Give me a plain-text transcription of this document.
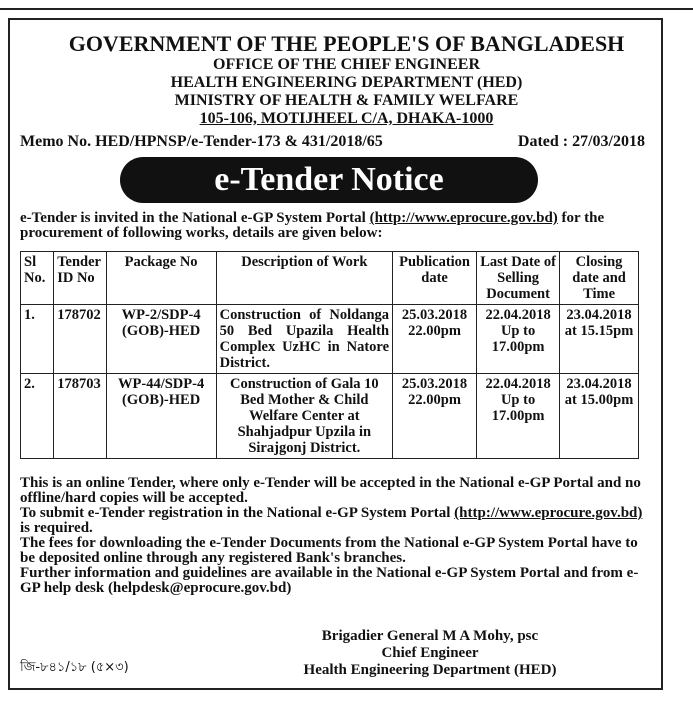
GOVERNMENT OF THE PEOPLE'S OF BANGLADESH
OFFICE OF THE CHIEF ENGINEER
HEALTH ENGINEERING DEPARTMENT (HED)
MINISTRY OF HEALTH & FAMILY WELFARE
105-106, MOTIJHEEL C/A, DHAKA-1000
Memo No. HED/HPNSP/e-Tender-173 & 431/2018/65	Dated : 27/03/2018
e-Tender Notice
e-Tender is invited in the National e-GP System Portal (http://www.eprocure.gov.bd) for the procurement of following works, details are given below:
Sl No.	Tender ID No	Package No	Description of Work	Publication date	Last Date of Selling Document	Closing date and Time
1.	178702	WP-2/SDP-4 (GOB)-HED	Construction of Noldanga 50 Bed Upazila Health Complex UzHC in Natore District.	25.03.2018 22.00pm	22.04.2018 Up to 17.00pm	23.04.2018 at 15.15pm
2.	178703	WP-44/SDP-4 (GOB)-HED	Construction of Gala 10 Bed Mother & Child Welfare Center at Shahjadpur Upzila in Sirajgonj District.	25.03.2018 22.00pm	22.04.2018 Up to 17.00pm	23.04.2018 at 15.00pm
This is an online Tender, where only e-Tender will be accepted in the National e-GP Portal and no offline/hard copies will be accepted.
To submit e-Tender registration in the National e-GP System Portal (http://www.eprocure.gov.bd) is required.
The fees for downloading the e-Tender Documents from the National e-GP System Portal have to be deposited online through any registered Bank's branches.
Further information and guidelines are available in the National e-GP System Portal and from e-GP help desk (helpdesk@eprocure.gov.bd)
Brigadier General M A Mohy, psc
Chief Engineer
Health Engineering Department (HED)
জি-৮৪১/১৮ (৫×৩)
